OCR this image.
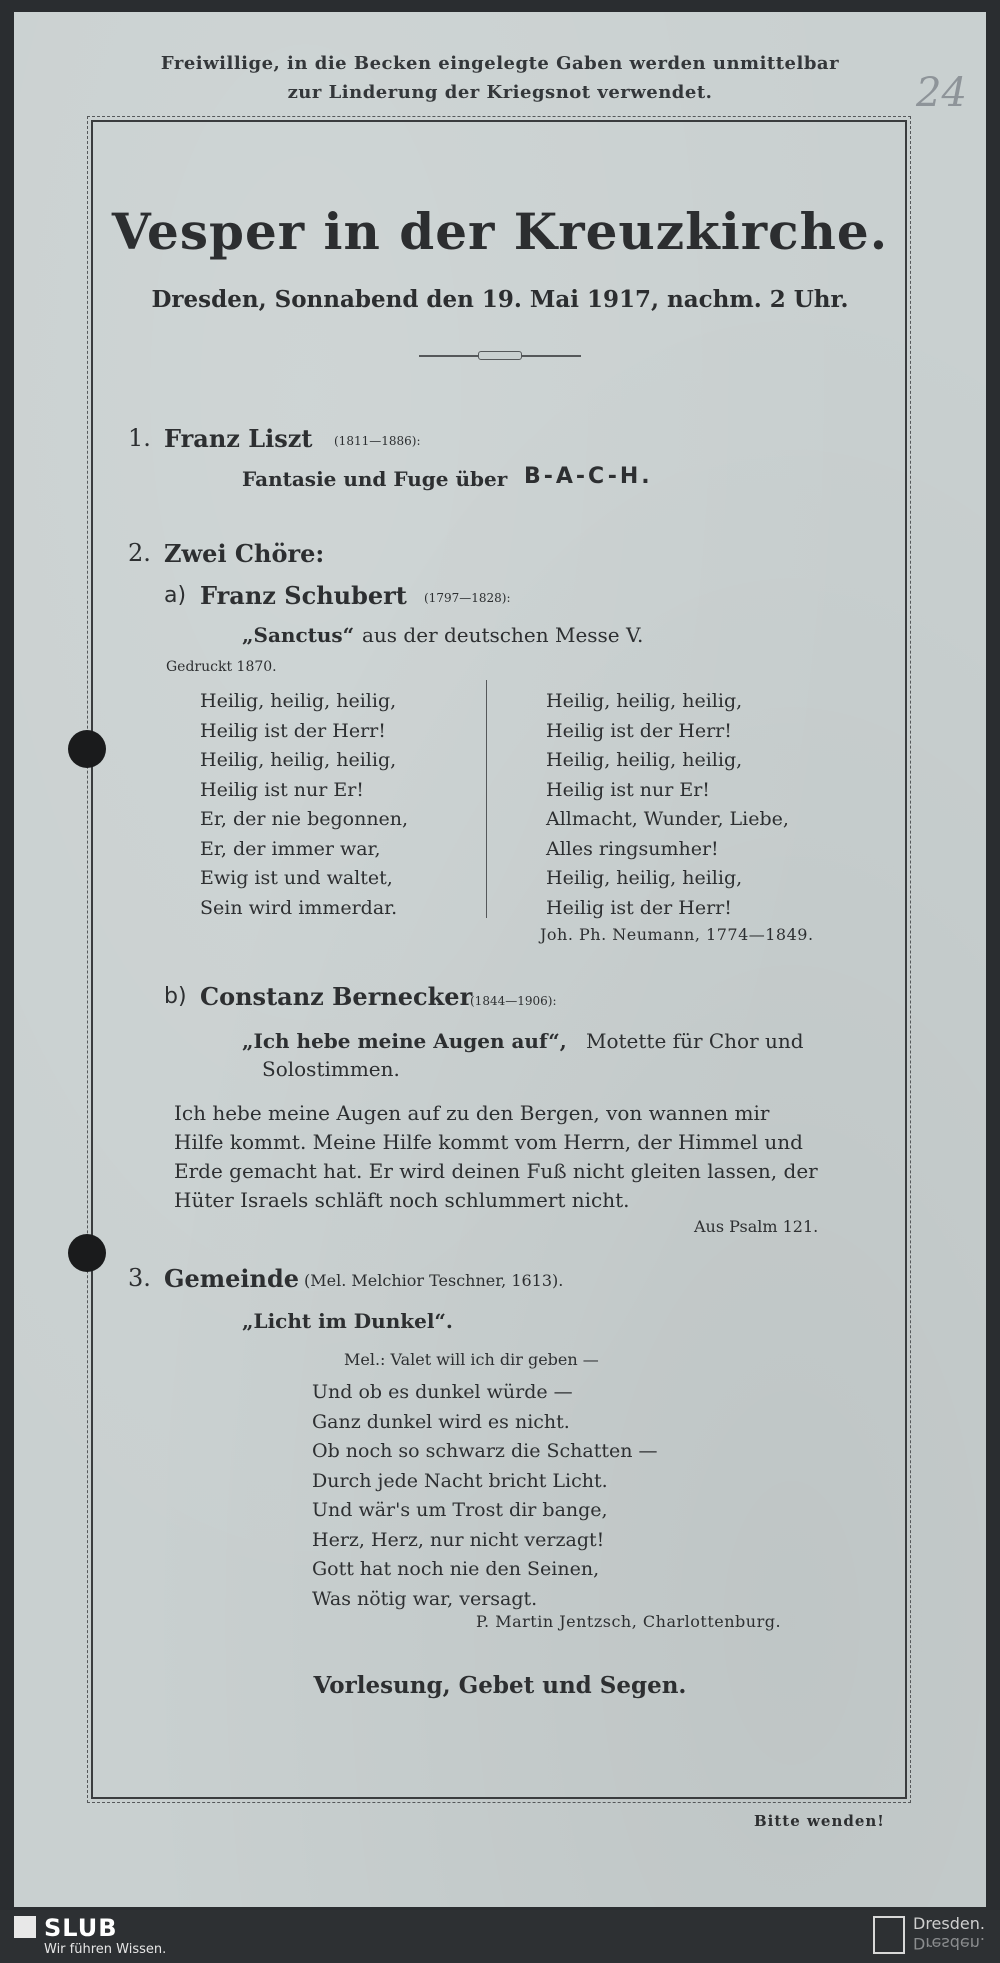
Freiwillige, in die Becken eingelegte Gaben werden unmittelbar
zur Linderung der Kriegsnot verwendet.	24
Vesper in der Kreuzkirche.
Dresden, Sonnabend den 19. Mai 1917, nachm. 2 Uhr.
1. Franz Liszt (1811—1886):
Fantasie und Fuge über B-A-C-H.
2. Zwei Chöre:
a) Franz Schubert (1797—1828):
„Sanctus“ aus der deutschen Messe V.
Gedruckt 1870.
Heilig, heilig, heilig,
Heilig ist der Herr!
Heilig, heilig, heilig,
Heilig ist nur Er!
Er, der nie begonnen,
Er, der immer war,
Ewig ist und waltet,
Sein wird immerdar.
Heilig, heilig, heilig,
Heilig ist der Herr!
Heilig, heilig, heilig,
Heilig ist nur Er!
Allmacht, Wunder, Liebe,
Alles ringsumher!
Heilig, heilig, heilig,
Heilig ist der Herr!
Joh. Ph. Neumann, 1774—1849.
b) Constanz Bernecker
(1844—1906):
„Ich hebe meine Augen auf“, Motette für Chor und
Solostimmen.
Ich hebe meine Augen auf zu den Bergen, von wannen mir
Hilfe kommt. Meine Hilfe kommt vom Herrn, der Himmel und
Erde gemacht hat. Er wird deinen Fuß nicht gleiten lassen, der
Hüter Israels schläft noch schlummert nicht.
Aus Psalm 121.
3. Gemeinde (Mel. Melchior Teschner, 1613).
„Licht im Dunkel“.
Mel.: Valet will ich dir geben —
Und ob es dunkel würde —
Ganz dunkel wird es nicht.
Ob noch so schwarz die Schatten —
Durch jede Nacht bricht Licht.
Und wär's um Trost dir bange,
Herz, Herz, nur nicht verzagt!
Gott hat noch nie den Seinen,
Was nötig war, versagt.
P. Martin Jentzsch, Charlottenburg.
Vorlesung, Gebet und Segen.
Bitte wenden!
SLUB
Wir führen Wissen.
Dresden.
Dresden.
